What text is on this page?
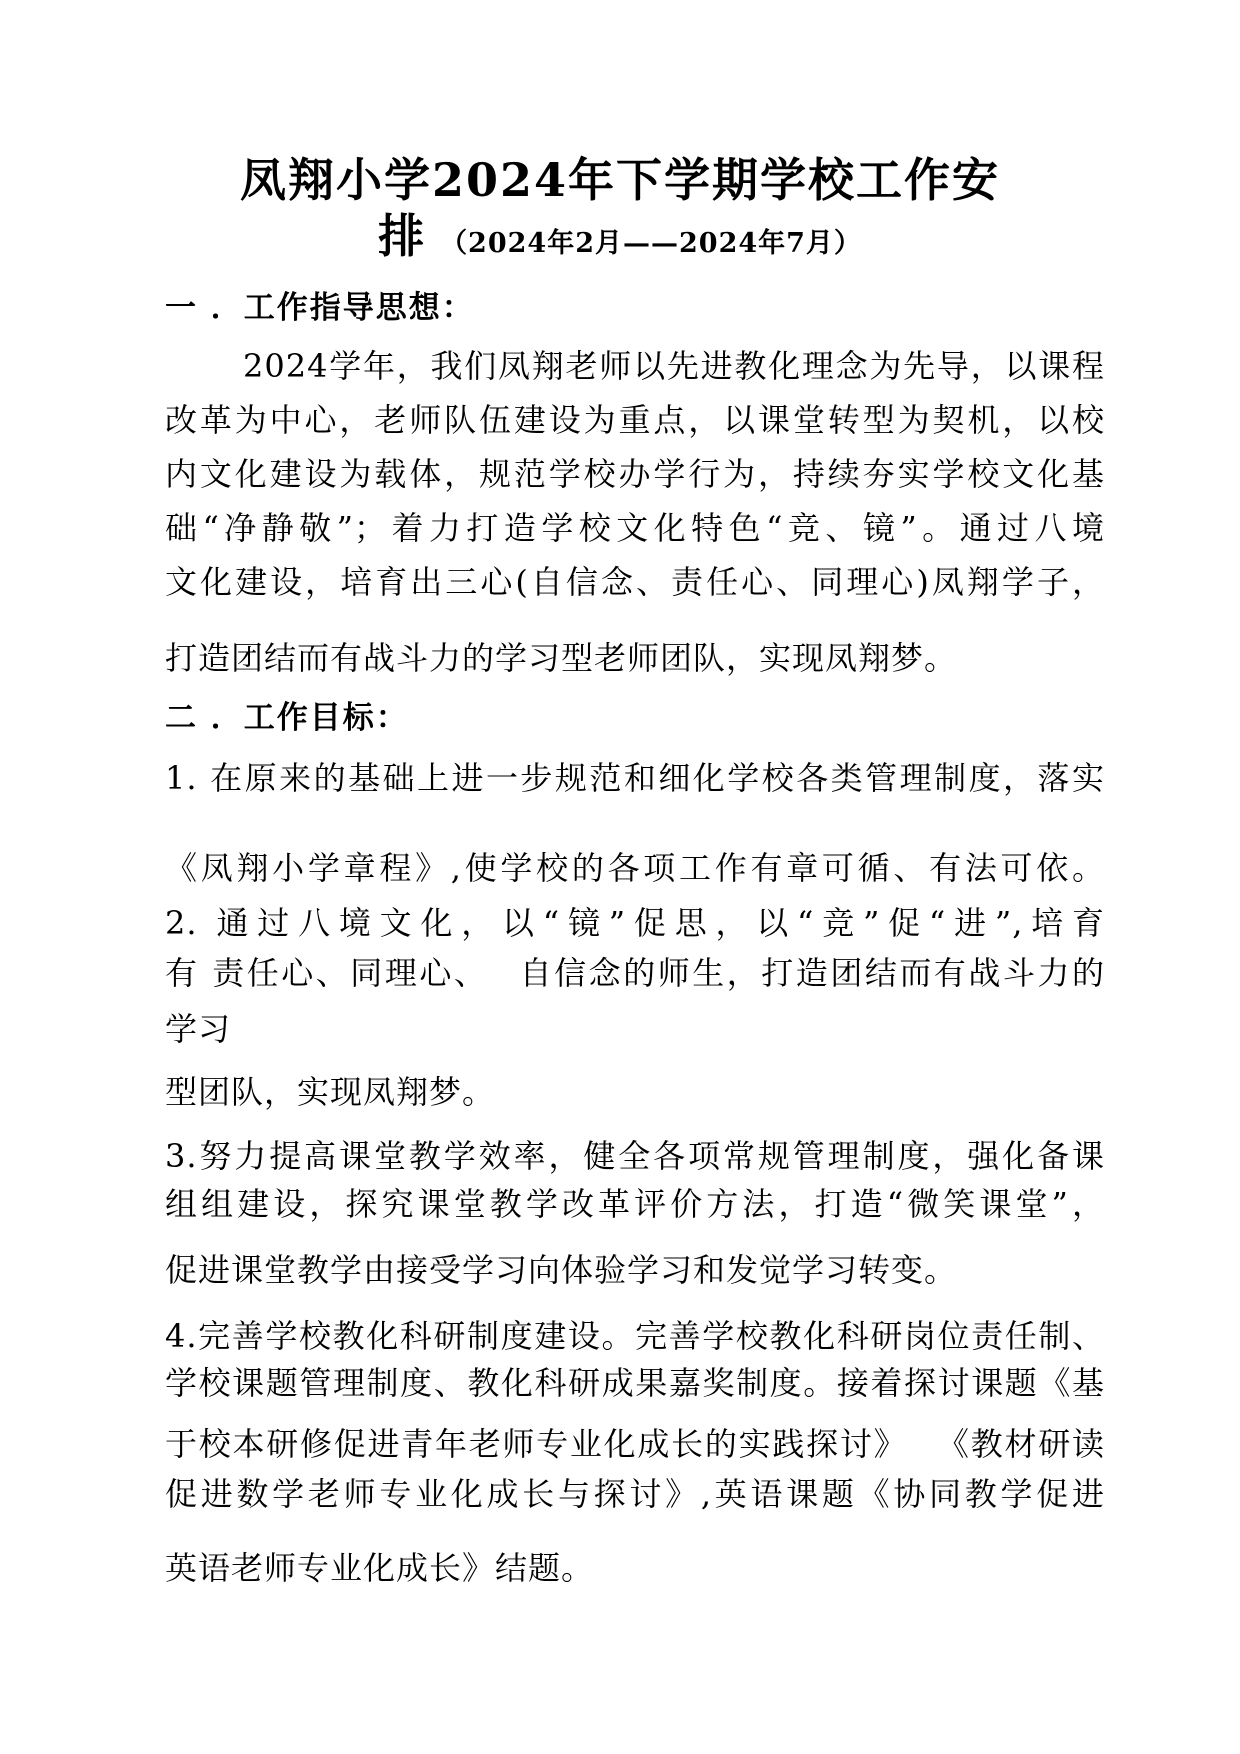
凤翔小学2024年下学期学校工作安
排 （2024年2月——2024年7月）
一 ．工作指导思想：
2024学年，我们凤翔老师以先进教化理念为先导，以课程
改革为中心，老师队伍建设为重点，以课堂转型为契机，以校
内文化建设为载体，规范学校办学行为，持续夯实学校文化基
础“净静敬”；着力打造学校文化特色“竞、镜”。通过八境
文化建设，培育出三心(自信念、责任心、同理心)凤翔学子，
打造团结而有战斗力的学习型老师团队，实现凤翔梦。
二 ．工作目标：
1. 在原来的基础上进一步规范和细化学校各类管理制度，落实
《凤翔小学章程》,使学校的各项工作有章可循、有法可依。
2. 通过八境文化，以“镜”促思，以“竞”促“进”,培育
有 责任心、同理心、　 自信念的师生，打造团结而有战斗力的
学习
型团队，实现凤翔梦。
3.努力提高课堂教学效率，健全各项常规管理制度，强化备课
组组建设，探究课堂教学改革评价方法，打造“微笑课堂”，
促进课堂教学由接受学习向体验学习和发觉学习转变。
4.完善学校教化科研制度建设。完善学校教化科研岗位责任制、
学校课题管理制度、教化科研成果嘉奖制度。接着探讨课题《基
于校本研修促进青年老师专业化成长的实践探讨》　 《教材研读
促进数学老师专业化成长与探讨》,英语课题《协同教学促进
英语老师专业化成长》结题。
